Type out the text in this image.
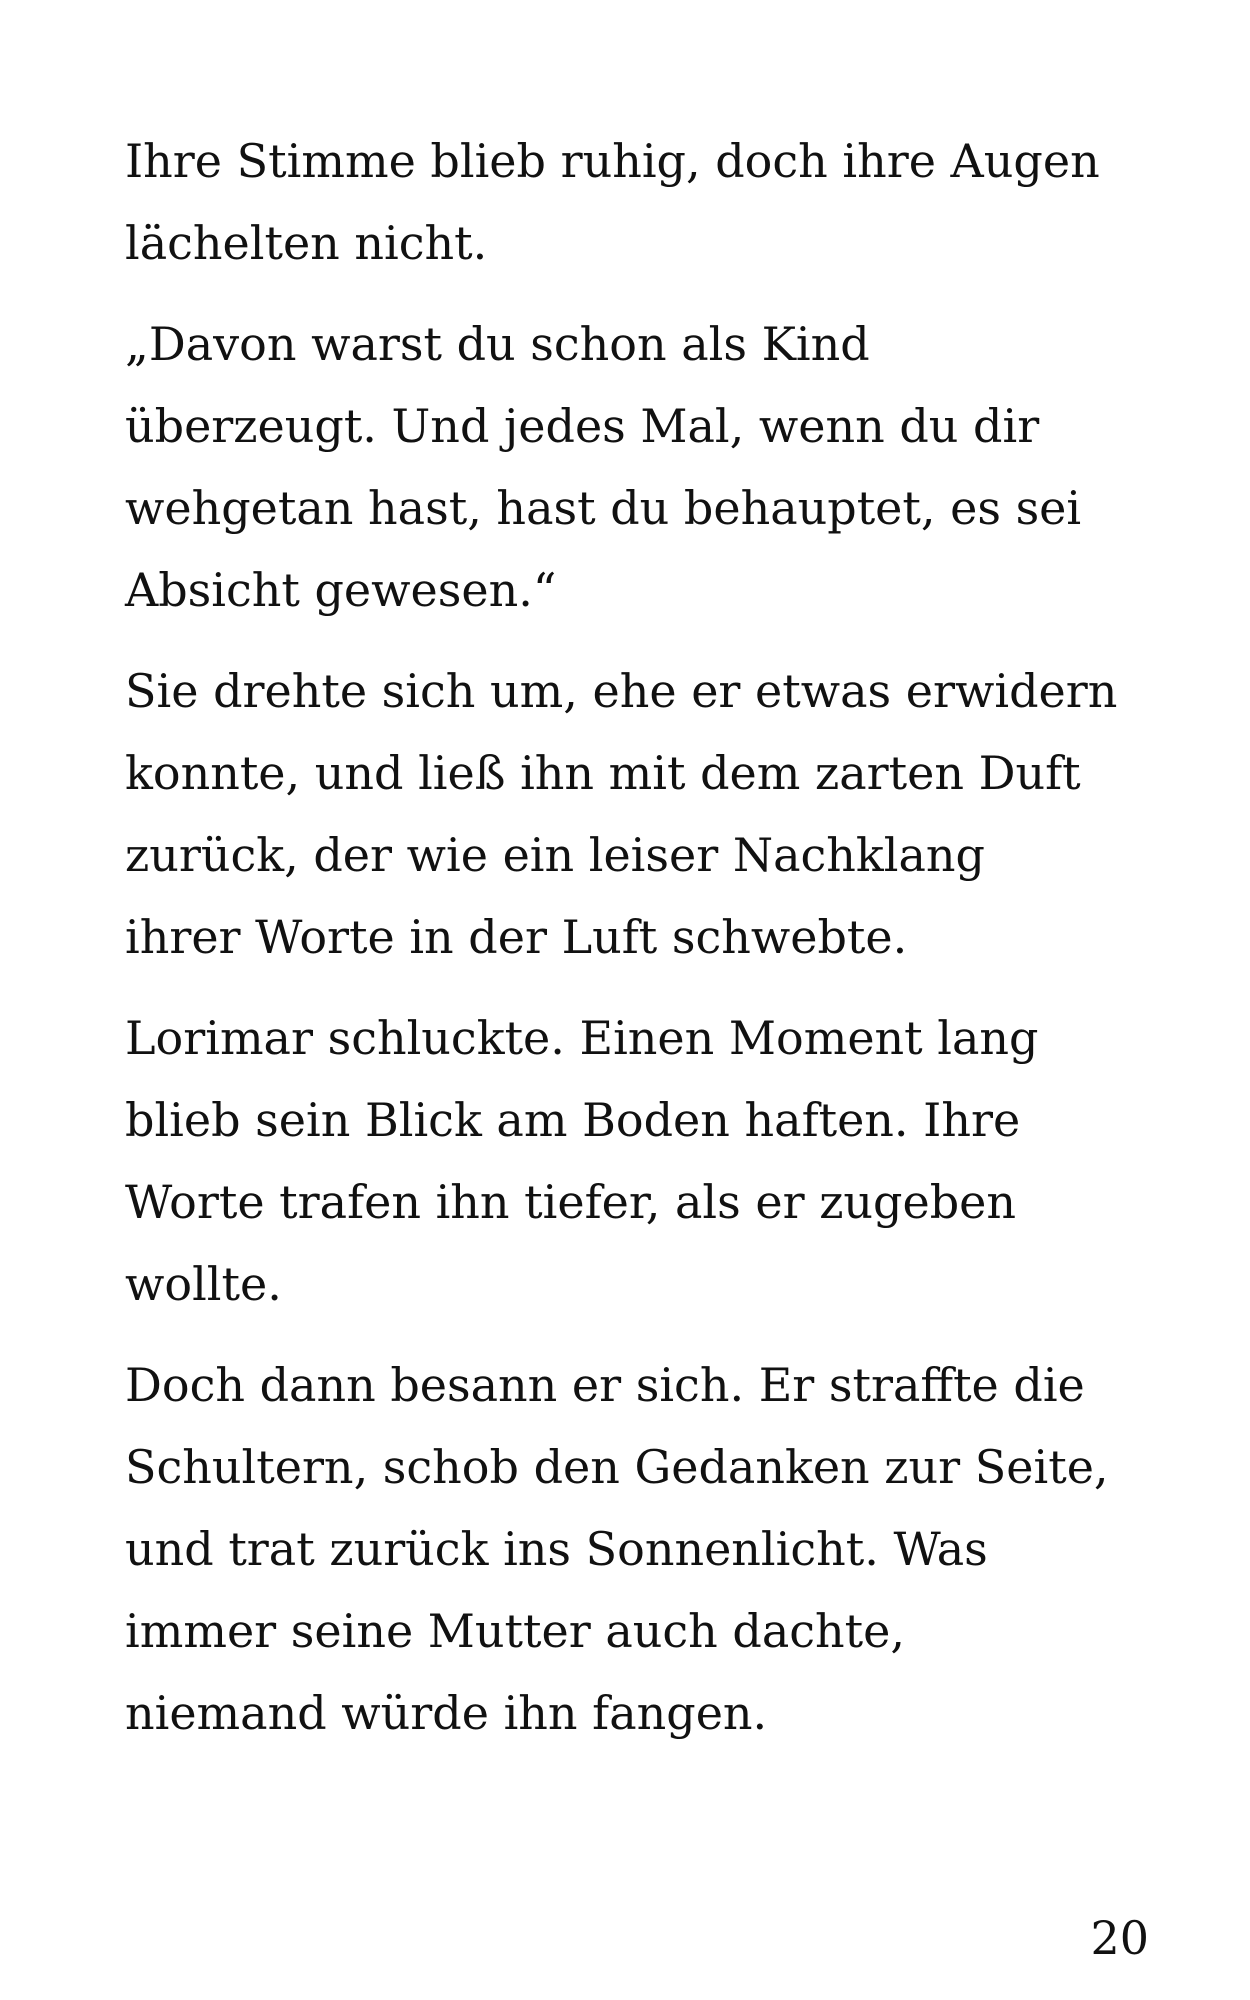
Ihre Stimme blieb ruhig, doch ihre Augen
lächelten nicht.

„Davon warst du schon als Kind
überzeugt. Und jedes Mal, wenn du dir
wehgetan hast, hast du behauptet, es sei
Absicht gewesen.“

Sie drehte sich um, ehe er etwas erwidern
konnte, und ließ ihn mit dem zarten Duft
zurück, der wie ein leiser Nachklang
ihrer Worte in der Luft schwebte.

Lorimar schluckte. Einen Moment lang
blieb sein Blick am Boden haften. Ihre
Worte trafen ihn tiefer, als er zugeben
wollte.

Doch dann besann er sich. Er straffte die
Schultern, schob den Gedanken zur Seite,
und trat zurück ins Sonnenlicht. Was
immer seine Mutter auch dachte,
niemand würde ihn fangen.

20
